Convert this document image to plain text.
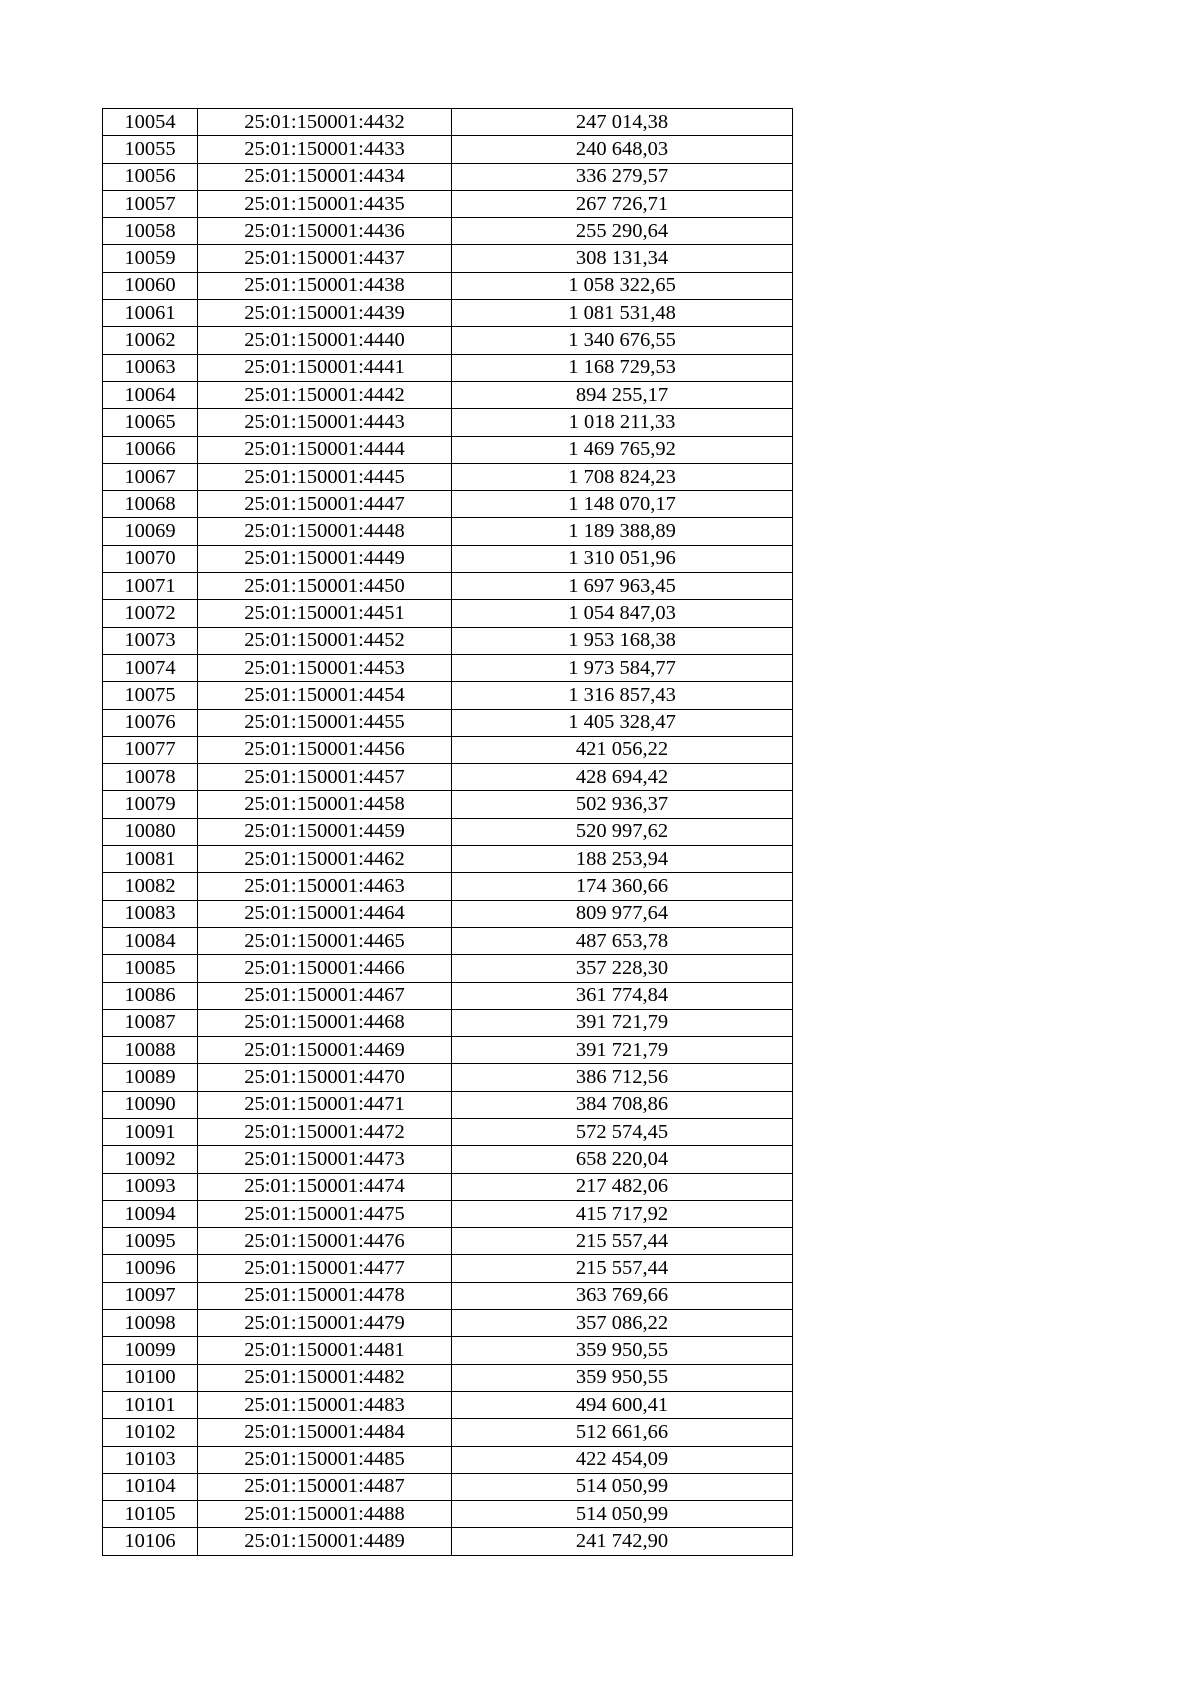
10054	25:01:150001:4432	247 014,38
10055	25:01:150001:4433	240 648,03
10056	25:01:150001:4434	336 279,57
10057	25:01:150001:4435	267 726,71
10058	25:01:150001:4436	255 290,64
10059	25:01:150001:4437	308 131,34
10060	25:01:150001:4438	1 058 322,65
10061	25:01:150001:4439	1 081 531,48
10062	25:01:150001:4440	1 340 676,55
10063	25:01:150001:4441	1 168 729,53
10064	25:01:150001:4442	894 255,17
10065	25:01:150001:4443	1 018 211,33
10066	25:01:150001:4444	1 469 765,92
10067	25:01:150001:4445	1 708 824,23
10068	25:01:150001:4447	1 148 070,17
10069	25:01:150001:4448	1 189 388,89
10070	25:01:150001:4449	1 310 051,96
10071	25:01:150001:4450	1 697 963,45
10072	25:01:150001:4451	1 054 847,03
10073	25:01:150001:4452	1 953 168,38
10074	25:01:150001:4453	1 973 584,77
10075	25:01:150001:4454	1 316 857,43
10076	25:01:150001:4455	1 405 328,47
10077	25:01:150001:4456	421 056,22
10078	25:01:150001:4457	428 694,42
10079	25:01:150001:4458	502 936,37
10080	25:01:150001:4459	520 997,62
10081	25:01:150001:4462	188 253,94
10082	25:01:150001:4463	174 360,66
10083	25:01:150001:4464	809 977,64
10084	25:01:150001:4465	487 653,78
10085	25:01:150001:4466	357 228,30
10086	25:01:150001:4467	361 774,84
10087	25:01:150001:4468	391 721,79
10088	25:01:150001:4469	391 721,79
10089	25:01:150001:4470	386 712,56
10090	25:01:150001:4471	384 708,86
10091	25:01:150001:4472	572 574,45
10092	25:01:150001:4473	658 220,04
10093	25:01:150001:4474	217 482,06
10094	25:01:150001:4475	415 717,92
10095	25:01:150001:4476	215 557,44
10096	25:01:150001:4477	215 557,44
10097	25:01:150001:4478	363 769,66
10098	25:01:150001:4479	357 086,22
10099	25:01:150001:4481	359 950,55
10100	25:01:150001:4482	359 950,55
10101	25:01:150001:4483	494 600,41
10102	25:01:150001:4484	512 661,66
10103	25:01:150001:4485	422 454,09
10104	25:01:150001:4487	514 050,99
10105	25:01:150001:4488	514 050,99
10106	25:01:150001:4489	241 742,90
